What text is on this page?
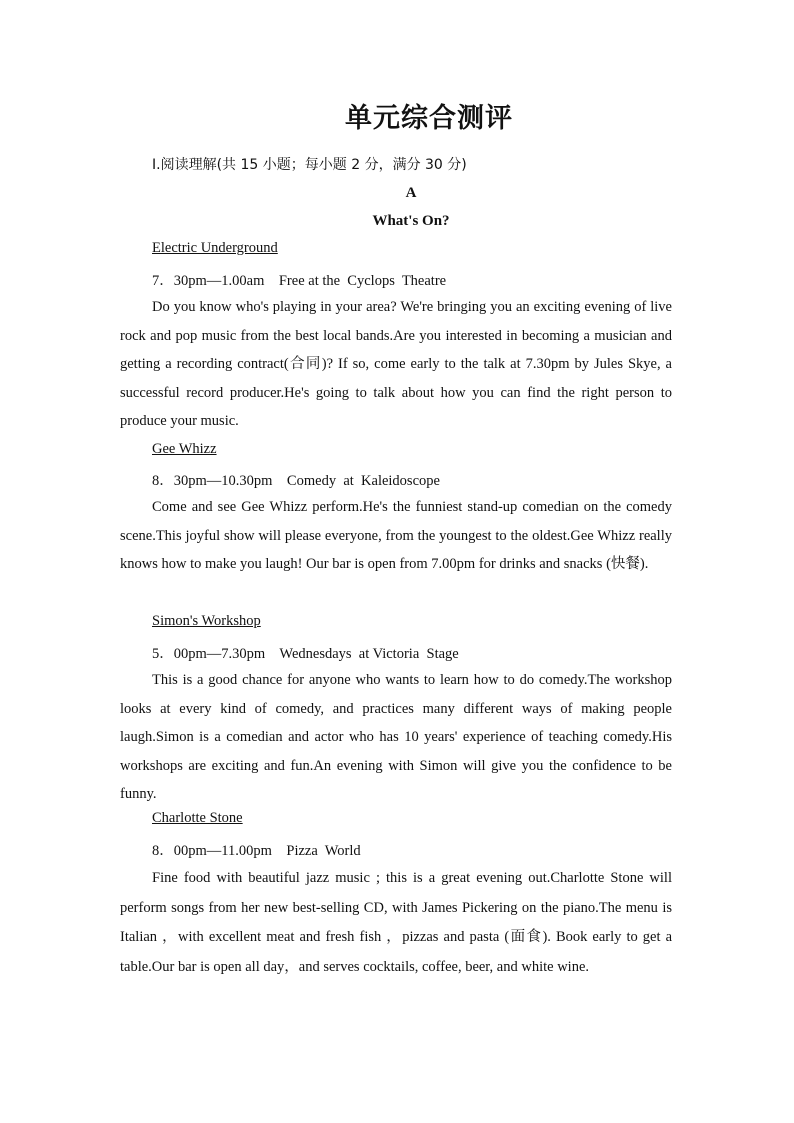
单元综合测评
Ⅰ.阅读理解(共 15 小题；每小题 2 分，满分 30 分)
A
What's On?
Electric Underground
7．30pm—1.00am    Free at the  Cyclops  Theatre
Do you know who's playing in your area? We're bringing you an exciting evening of live rock and pop music from the best local bands.Are you interested in becoming a musician and getting a recording contract(合同)? If so, come early to the talk at 7.30pm by Jules Skye, a successful record producer.He's going to talk about how you can find the right person to produce your music.
Gee Whizz
8．30pm—10.30pm    Comedy  at  Kaleidoscope
Come and see Gee Whizz perform.He's the funniest stand-up comedian on the comedy scene.This joyful show will please everyone, from the youngest to the oldest.Gee Whizz really knows how to make you laugh! Our bar is open from 7.00pm for drinks and snacks (快餐).
Simon's Workshop
5．00pm—7.30pm    Wednesdays  at Victoria  Stage
This is a good chance for anyone who wants to learn how to do comedy.The workshop looks at every kind of comedy, and practices many different ways of making people laugh.Simon is a comedian and actor who has 10 years' experience of teaching comedy.His workshops are exciting and fun.An evening with Simon will give you the confidence to be funny.
Charlotte Stone
8．00pm—11.00pm    Pizza  World
Fine food with beautiful jazz music ; this is a great evening out.Charlotte Stone will perform songs from her new best-selling CD, with James Pickering on the piano.The menu is Italian ，with excellent meat and fresh fish ，pizzas and pasta (面食). Book early to get a table.Our bar is open all day，and serves cocktails, coffee, beer, and white wine.
